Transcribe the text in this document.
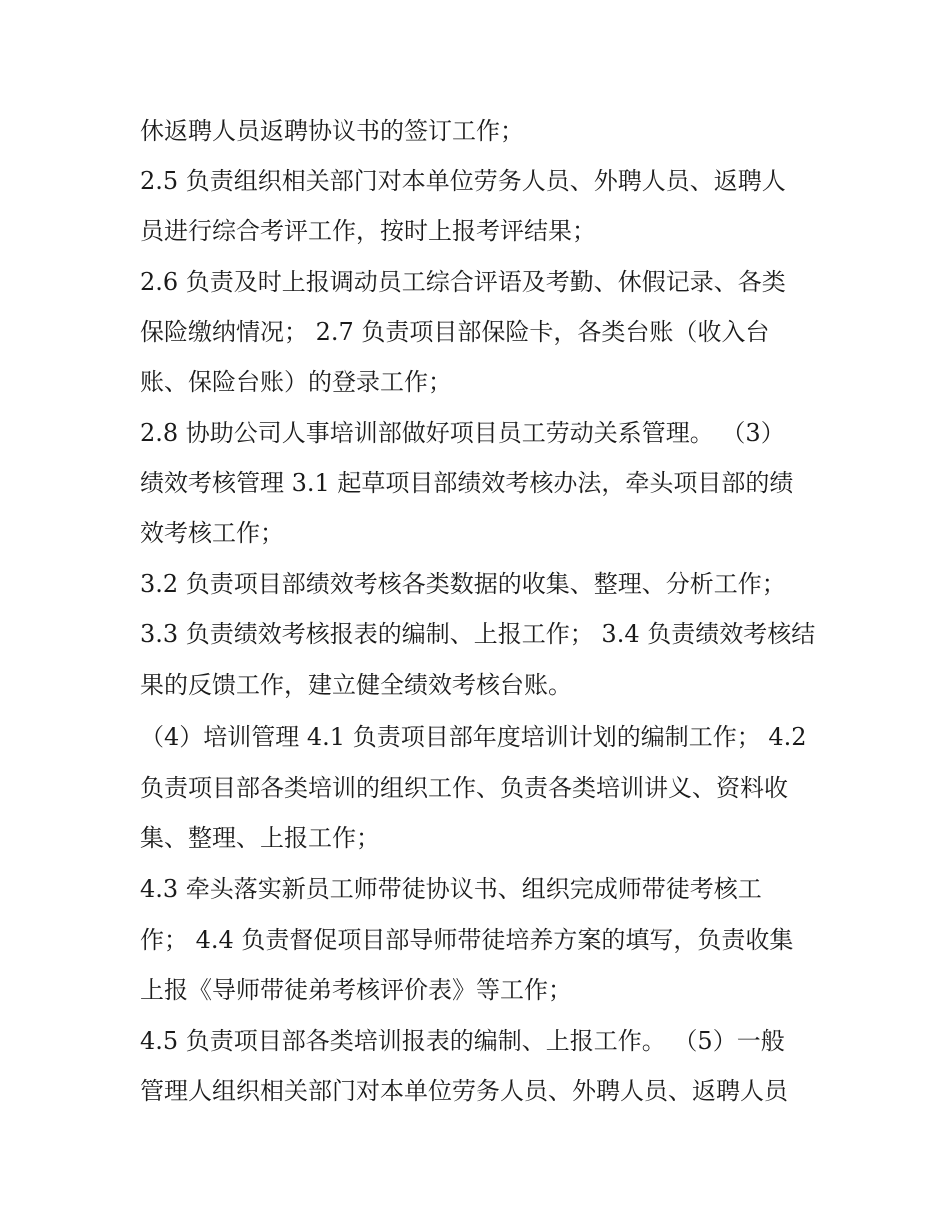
休返聘人员返聘协议书的签订工作；
2.5 负责组织相关部门对本单位劳务人员、外聘人员、返聘人
员进行综合考评工作，按时上报考评结果；
2.6 负责及时上报调动员工综合评语及考勤、休假记录、各类
保险缴纳情况； 2.7 负责项目部保险卡，各类台账（收入台
账、保险台账）的登录工作；
2.8 协助公司人事培训部做好项目员工劳动关系管理。 （3）
绩效考核管理 3.1 起草项目部绩效考核办法，牵头项目部的绩
效考核工作；
3.2 负责项目部绩效考核各类数据的收集、整理、分析工作；
3.3 负责绩效考核报表的编制、上报工作； 3.4 负责绩效考核结
果的反馈工作，建立健全绩效考核台账。
（4）培训管理 4.1 负责项目部年度培训计划的编制工作； 4.2
负责项目部各类培训的组织工作、负责各类培训讲义、资料收
集、整理、上报工作；
4.3 牵头落实新员工师带徒协议书、组织完成师带徒考核工
作； 4.4 负责督促项目部导师带徒培养方案的填写，负责收集
上报《导师带徒弟考核评价表》等工作；
4.5 负责项目部各类培训报表的编制、上报工作。 （5）一般
管理人组织相关部门对本单位劳务人员、外聘人员、返聘人员
